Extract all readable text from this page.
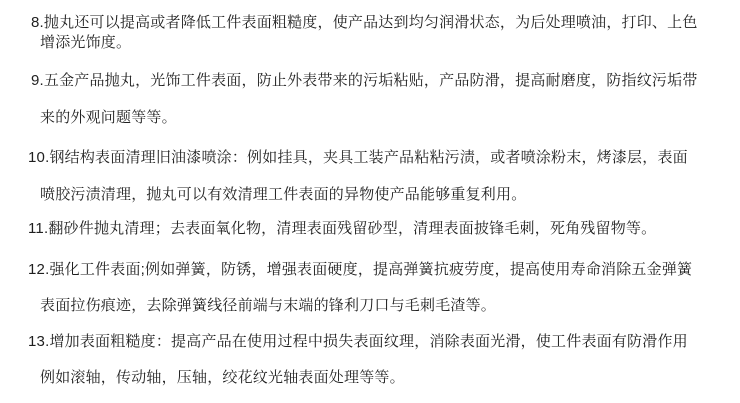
8.抛丸还可以提高或者降低工件表面粗糙度，使产品达到均匀润滑状态，为后处理喷油，打印、上色
增添光饰度。
9.五金产品抛丸，光饰工件表面，防止外表带来的污垢粘贴，产品防滑，提高耐磨度，防指纹污垢带
来的外观问题等等。
10.钢结构表面清理旧油漆喷涂：例如挂具，夹具工装产品粘粘污渍，或者喷涂粉末，烤漆层，表面
喷胶污渍清理，抛丸可以有效清理工件表面的异物使产品能够重复利用。
11.翻砂件抛丸清理；去表面氧化物，清理表面残留砂型，清理表面披锋毛刺，死角残留物等。
12.强化工件表面;例如弹簧，防锈，增强表面硬度，提高弹簧抗疲劳度，提高使用寿命消除五金弹簧
表面拉伤痕迹，去除弹簧线径前端与末端的锋利刀口与毛刺毛渣等。
13.增加表面粗糙度：提高产品在使用过程中损失表面纹理，消除表面光滑，使工件表面有防滑作用
例如滚轴，传动轴，压轴，绞花纹光轴表面处理等等。
